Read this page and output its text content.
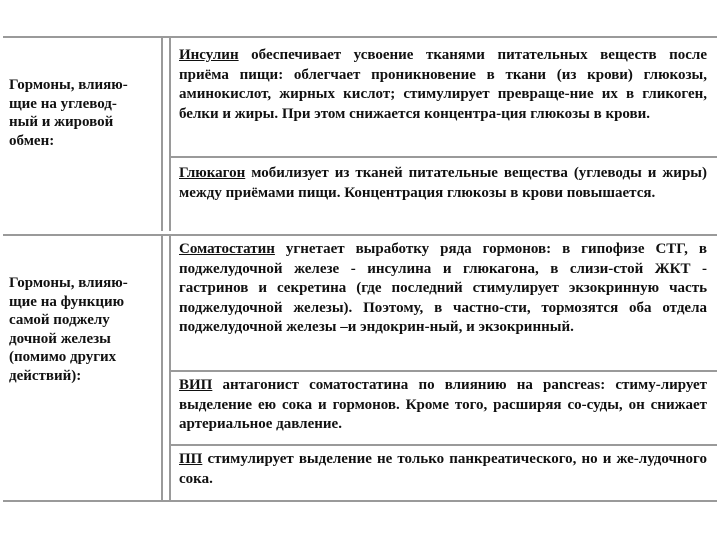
Гормоны, влияю-
щие на углевод-
ный и жировой
обмен:
Инсулин обеспечивает усвоение тканями питательных веществ после приёма пищи: облегчает проникновение в ткани (из крови) глюкозы, аминокислот, жирных кислот; стимулирует превраще-ние их в гликоген, белки и жиры. При этом снижается концентра-ция глюкозы в крови.
Глюкагон мобилизует из тканей питательные вещества (углеводы и жиры) между приёмами пищи. Концентрация глюкозы в крови повышается.
Гормоны, влияю-
щие на функцию
самой поджелу
дочной железы
(помимо других
действий):
Соматостатин угнетает выработку ряда гормонов: в гипофизе СТГ, в поджелудочной железе - инсулина и глюкагона, в слизи-стой ЖКТ - гастринов и секретина (где последний стимулирует экзокринную часть поджелудочной железы). Поэтому, в частно-сти, тормозятся оба отдела поджелудочной железы –и эндокрин-ный, и экзокринный.
ВИП антагонист соматостатина по влиянию на pancreas: стиму-лирует выделение ею сока и гормонов. Кроме того, расширяя со-суды, он снижает артериальное давление.
ПП стимулирует выделение не только панкреатического, но и же-лудочного сока.
